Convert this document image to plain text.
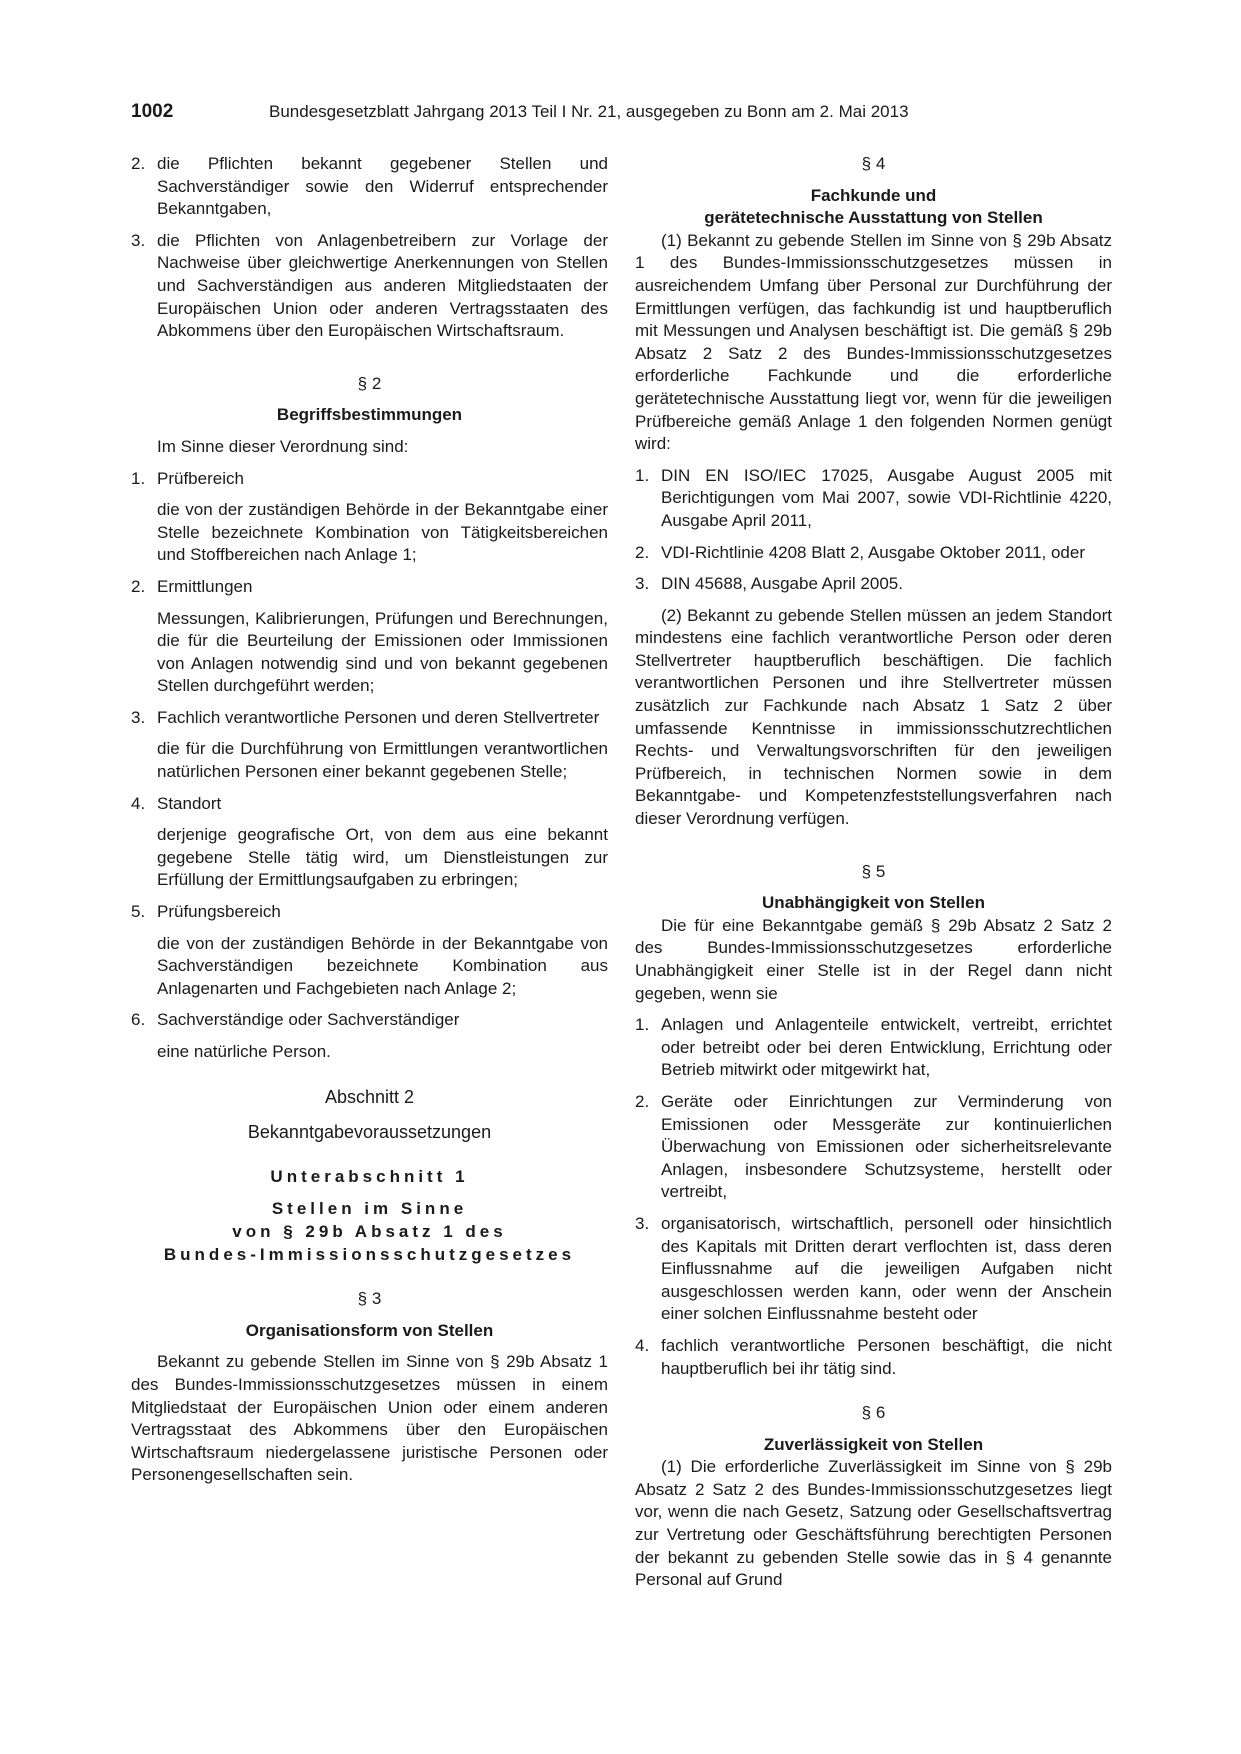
1002	Bundesgesetzblatt Jahrgang 2013 Teil I Nr. 21, ausgegeben zu Bonn am 2. Mai 2013
2. die Pflichten bekannt gegebener Stellen und Sachverständiger sowie den Widerruf entsprechender Bekanntgaben,
3. die Pflichten von Anlagenbetreibern zur Vorlage der Nachweise über gleichwertige Anerkennungen von Stellen und Sachverständigen aus anderen Mitgliedstaaten der Europäischen Union oder anderen Vertragsstaaten des Abkommens über den Europäischen Wirtschaftsraum.

§ 2

Begriffsbestimmungen

Im Sinne dieser Verordnung sind:

1. Prüfbereich

die von der zuständigen Behörde in der Bekanntgabe einer Stelle bezeichnete Kombination von Tätigkeitsbereichen und Stoffbereichen nach Anlage 1;

2. Ermittlungen

Messungen, Kalibrierungen, Prüfungen und Berechnungen, die für die Beurteilung der Emissionen oder Immissionen von Anlagen notwendig sind und von bekannt gegebenen Stellen durchgeführt werden;

3. Fachlich verantwortliche Personen und deren Stellvertreter

die für die Durchführung von Ermittlungen verantwortlichen natürlichen Personen einer bekannt gegebenen Stelle;

4. Standort

derjenige geografische Ort, von dem aus eine bekannt gegebene Stelle tätig wird, um Dienstleistungen zur Erfüllung der Ermittlungsaufgaben zu erbringen;

5. Prüfungsbereich

die von der zuständigen Behörde in der Bekanntgabe von Sachverständigen bezeichnete Kombination aus Anlagenarten und Fachgebieten nach Anlage 2;

6. Sachverständige oder Sachverständiger

eine natürliche Person.

Abschnitt 2

Bekanntgabevoraussetzungen

Unterabschnitt 1

Stellen im Sinne

von § 29b Absatz 1 des

Bundes-Immissionsschutzgesetzes

§ 3

Organisationsform von Stellen

Bekannt zu gebende Stellen im Sinne von § 29b Absatz 1 des Bundes-Immissionsschutzgesetzes müssen in einem Mitgliedstaat der Europäischen Union oder einem anderen Vertragsstaat des Abkommens über den Europäischen Wirtschaftsraum niedergelassene juristische Personen oder Personengesellschaften sein.

§ 4

Fachkunde und

gerätetechnische Ausstattung von Stellen

(1) Bekannt zu gebende Stellen im Sinne von § 29b Absatz 1 des Bundes-Immissionsschutzgesetzes müssen in ausreichendem Umfang über Personal zur Durchführung der Ermittlungen verfügen, das fachkundig ist und hauptberuflich mit Messungen und Analysen beschäftigt ist. Die gemäß § 29b Absatz 2 Satz 2 des Bundes-Immissionsschutzgesetzes erforderliche Fachkunde und die erforderliche gerätetechnische Ausstattung liegt vor, wenn für die jeweiligen Prüfbereiche gemäß Anlage 1 den folgenden Normen genügt wird:

1. DIN EN ISO/IEC 17025, Ausgabe August 2005 mit Berichtigungen vom Mai 2007, sowie VDI-Richtlinie 4220, Ausgabe April 2011,
2. VDI-Richtlinie 4208 Blatt 2, Ausgabe Oktober 2011, oder
3. DIN 45688, Ausgabe April 2005.

(2) Bekannt zu gebende Stellen müssen an jedem Standort mindestens eine fachlich verantwortliche Person oder deren Stellvertreter hauptberuflich beschäftigen. Die fachlich verantwortlichen Personen und ihre Stellvertreter müssen zusätzlich zur Fachkunde nach Absatz 1 Satz 2 über umfassende Kenntnisse in immissionsschutzrechtlichen Rechts- und Verwaltungsvorschriften für den jeweiligen Prüfbereich, in technischen Normen sowie in dem Bekanntgabe- und Kompetenzfeststellungsverfahren nach dieser Verordnung verfügen.

§ 5

Unabhängigkeit von Stellen

Die für eine Bekanntgabe gemäß § 29b Absatz 2 Satz 2 des Bundes-Immissionsschutzgesetzes erforderliche Unabhängigkeit einer Stelle ist in der Regel dann nicht gegeben, wenn sie

1. Anlagen und Anlagenteile entwickelt, vertreibt, errichtet oder betreibt oder bei deren Entwicklung, Errichtung oder Betrieb mitwirkt oder mitgewirkt hat,
2. Geräte oder Einrichtungen zur Verminderung von Emissionen oder Messgeräte zur kontinuierlichen Überwachung von Emissionen oder sicherheitsrelevante Anlagen, insbesondere Schutzsysteme, herstellt oder vertreibt,
3. organisatorisch, wirtschaftlich, personell oder hinsichtlich des Kapitals mit Dritten derart verflochten ist, dass deren Einflussnahme auf die jeweiligen Aufgaben nicht ausgeschlossen werden kann, oder wenn der Anschein einer solchen Einflussnahme besteht oder
4. fachlich verantwortliche Personen beschäftigt, die nicht hauptberuflich bei ihr tätig sind.

§ 6

Zuverlässigkeit von Stellen

(1) Die erforderliche Zuverlässigkeit im Sinne von § 29b Absatz 2 Satz 2 des Bundes-Immissionsschutzgesetzes liegt vor, wenn die nach Gesetz, Satzung oder Gesellschaftsvertrag zur Vertretung oder Geschäftsführung berechtigten Personen der bekannt zu gebenden Stelle sowie das in § 4 genannte Personal auf Grund
